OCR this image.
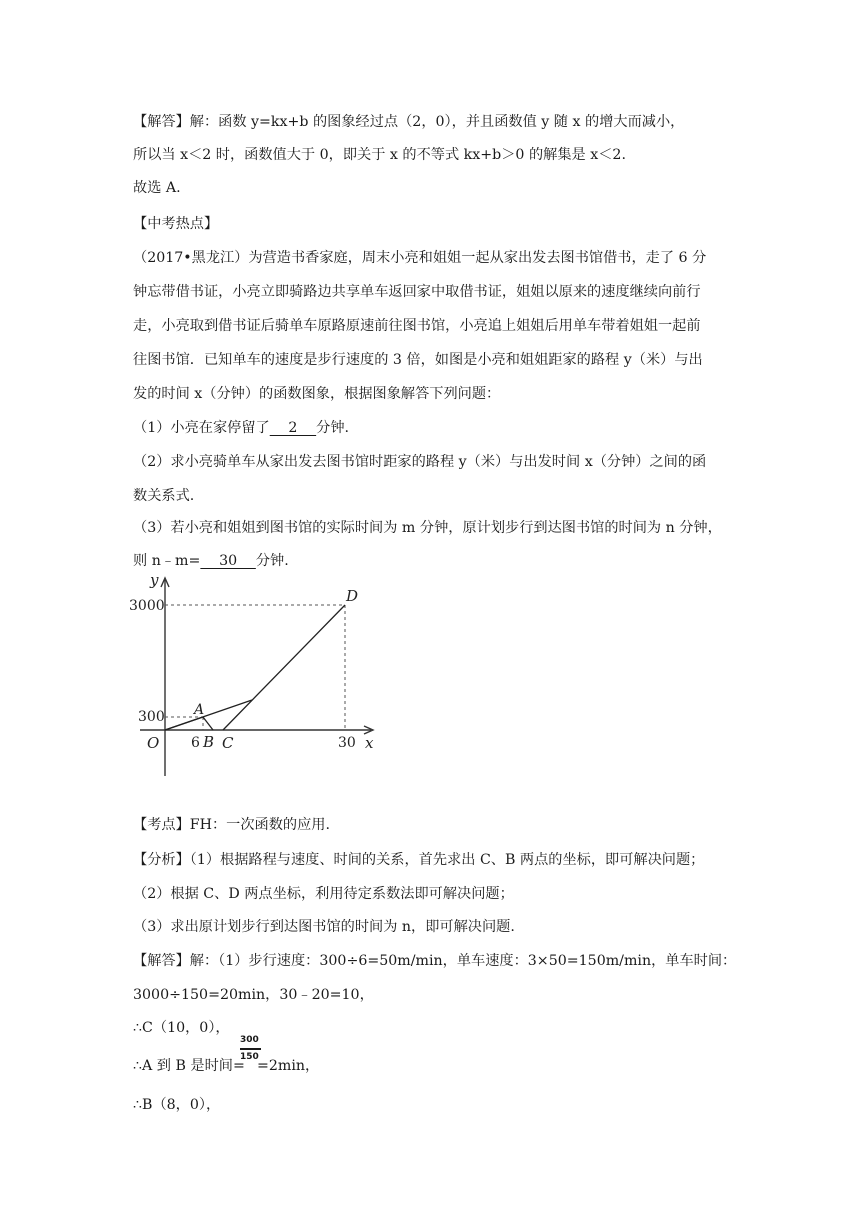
【解答】解：函数 y=kx+b 的图象经过点（2，0），并且函数值 y 随 x 的增大而减小，
所以当 x＜2 时，函数值大于 0，即关于 x 的不等式 kx+b＞0 的解集是 x＜2.
故选 A.
【中考热点】
（2017•黑龙江）为营造书香家庭，周末小亮和姐姐一起从家出发去图书馆借书，走了 6 分
钟忘带借书证，小亮立即骑路边共享单车返回家中取借书证，姐姐以原来的速度继续向前行
走，小亮取到借书证后骑单车原路原速前往图书馆，小亮追上姐姐后用单车带着姐姐一起前
往图书馆．已知单车的速度是步行速度的 3 倍，如图是小亮和姐姐距家的路程 y（米）与出
发的时间 x（分钟）的函数图象，根据图象解答下列问题：
（1）小亮在家停留了　 2 　分钟.
（2）求小亮骑单车从家出发去图书馆时距家的路程 y（米）与出发时间 x（分钟）之间的函
数关系式.
（3）若小亮和姐姐到图书馆的实际时间为 m 分钟，原计划步行到达图书馆的时间为 n 分钟，
则 n﹣m=　 30 　分钟.
y
x
O
3000
300
6	30
A
B C
D
【考点】FH：一次函数的应用.
【分析】（1）根据路程与速度、时间的关系，首先求出 C、B 两点的坐标，即可解决问题；
（2）根据 C、D 两点坐标，利用待定系数法即可解决问题；
（3）求出原计划步行到达图书馆的时间为 n，即可解决问题.
【解答】解：（1）步行速度：300÷6=50m/min，单车速度：3×50=150m/min，单车时间：
3000÷150=20min，30﹣20=10，
∴C（10，0），
300
150
∴A 到 B 是时间= =2min，
∴B（8，0），
